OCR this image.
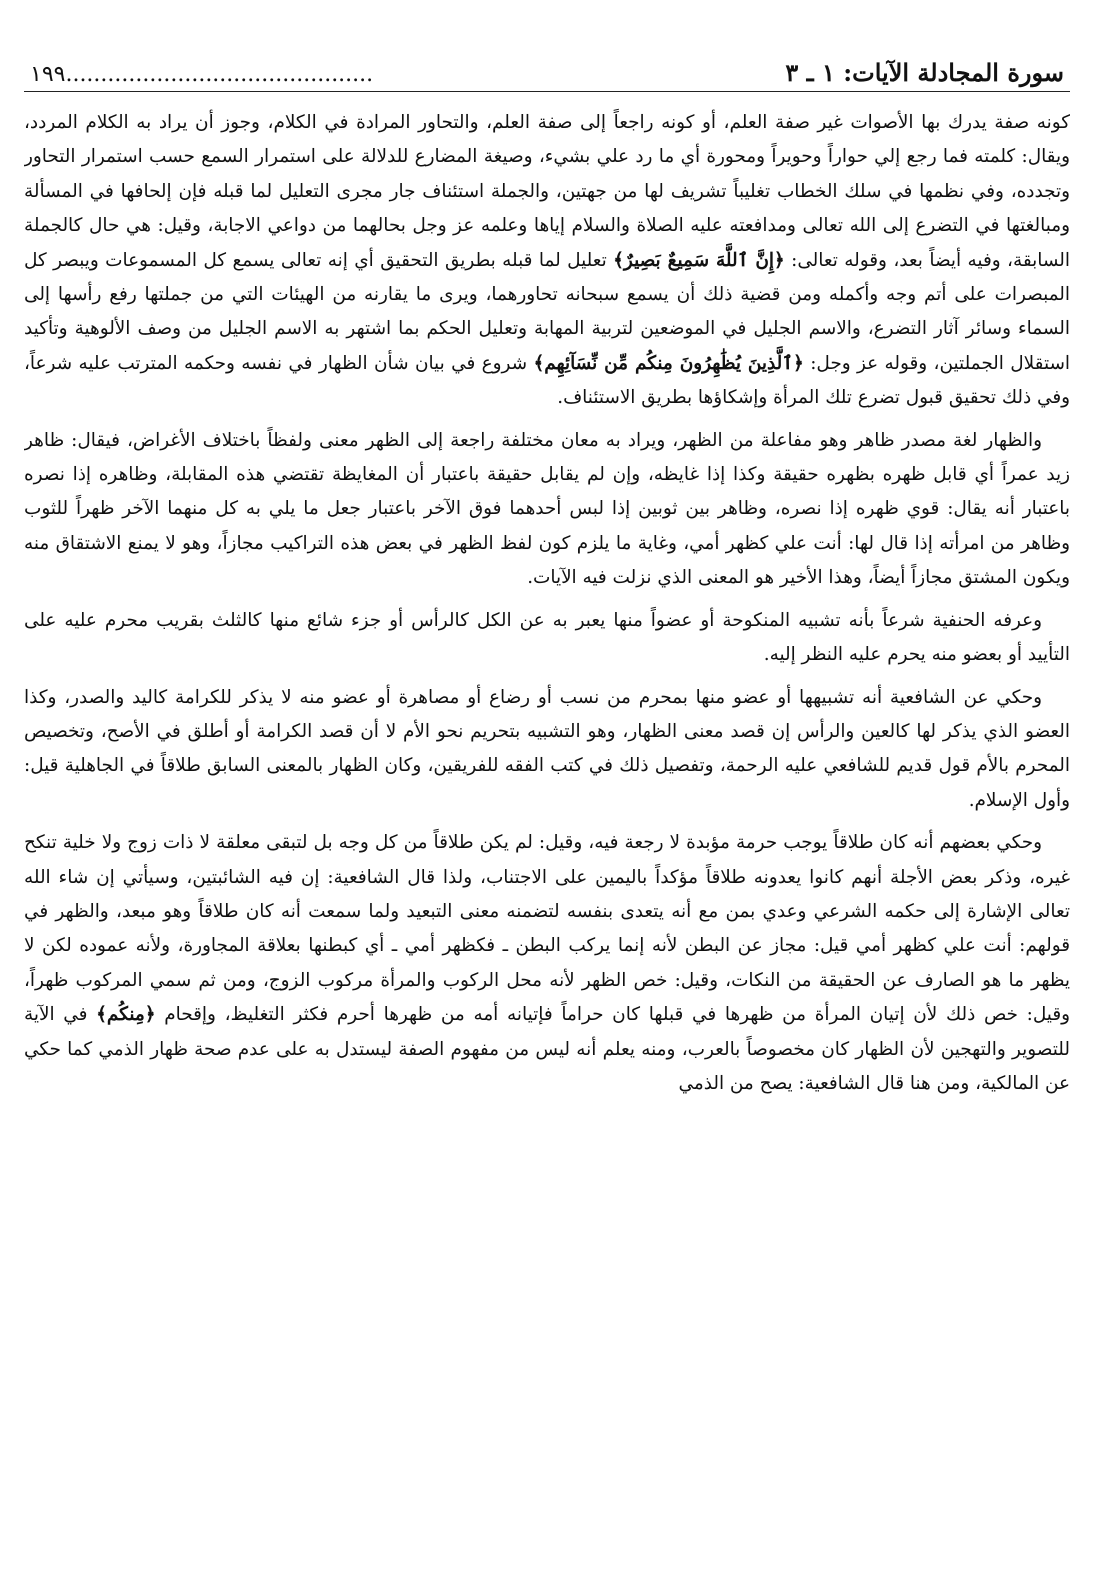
سورة المجادلة الآيات: ١ ـ ٣
١٩٩............................................

كونه صفة يدرك بها الأصوات غير صفة العلم، أو كونه راجعاً إلى صفة العلم، والتحاور المرادة في الكلام، وجوز أن يراد به الكلام المردد، ويقال: كلمته فما رجع إلي حواراً وحويراً ومحورة أي ما رد علي بشيء، وصيغة المضارع للدلالة على استمرار السمع حسب استمرار التحاور وتجدده، وفي نظمها في سلك الخطاب تغليباً تشريف لها من جهتين، والجملة استئناف جار مجرى التعليل لما قبله فإن إلحافها في المسألة ومبالغتها في التضرع إلى الله تعالى ومدافعته عليه الصلاة والسلام إياها وعلمه عز وجل بحالهما من دواعي الاجابة، وقيل: هي حال كالجملة السابقة، وفيه أيضاً بعد، وقوله تعالى: ﴿إِنَّ ٱللَّهَ سَمِيعٌ بَصِيرٌ﴾ تعليل لما قبله بطريق التحقيق أي إنه تعالى يسمع كل المسموعات ويبصر كل المبصرات على أتم وجه وأكمله ومن قضية ذلك أن يسمع سبحانه تحاورهما، ويرى ما يقارنه من الهيئات التي من جملتها رفع رأسها إلى السماء وسائر آثار التضرع، والاسم الجليل في الموضعين لتربية المهابة وتعليل الحكم بما اشتهر به الاسم الجليل من وصف الألوهية وتأكيد استقلال الجملتين، وقوله عز وجل: ﴿ٱلَّذِينَ يُظَٰهِرُونَ مِنكُم مِّن نِّسَآئِهِم﴾ شروع في بيان شأن الظهار في نفسه وحكمه المترتب عليه شرعاً، وفي ذلك تحقيق قبول تضرع تلك المرأة وإشكاؤها بطريق الاستئناف.

والظهار لغة مصدر ظاهر وهو مفاعلة من الظهر، ويراد به معان مختلفة راجعة إلى الظهر معنى ولفظاً باختلاف الأغراض، فيقال: ظاهر زيد عمراً أي قابل ظهره بظهره حقيقة وكذا إذا غايظه، وإن لم يقابل حقيقة باعتبار أن المغايظة تقتضي هذه المقابلة، وظاهره إذا نصره باعتبار أنه يقال: قوي ظهره إذا نصره، وظاهر بين ثوبين إذا لبس أحدهما فوق الآخر باعتبار جعل ما يلي به كل منهما الآخر ظهراً للثوب وظاهر من امرأته إذا قال لها: أنت علي كظهر أمي، وغاية ما يلزم كون لفظ الظهر في بعض هذه التراكيب مجازاً، وهو لا يمنع الاشتقاق منه ويكون المشتق مجازاً أيضاً، وهذا الأخير هو المعنى الذي نزلت فيه الآيات.

وعرفه الحنفية شرعاً بأنه تشبيه المنكوحة أو عضواً منها يعبر به عن الكل كالرأس أو جزء شائع منها كالثلث بقريب محرم عليه على التأييد أو بعضو منه يحرم عليه النظر إليه.

وحكي عن الشافعية أنه تشبيهها أو عضو منها بمحرم من نسب أو رضاع أو مصاهرة أو عضو منه لا يذكر للكرامة كاليد والصدر، وكذا العضو الذي يذكر لها كالعين والرأس إن قصد معنى الظهار، وهو التشبيه بتحريم نحو الأم لا أن قصد الكرامة أو أطلق في الأصح، وتخصيص المحرم بالأم قول قديم للشافعي عليه الرحمة، وتفصيل ذلك في كتب الفقه للفريقين، وكان الظهار بالمعنى السابق طلاقاً في الجاهلية قيل: وأول الإسلام.

وحكي بعضهم أنه كان طلاقاً يوجب حرمة مؤبدة لا رجعة فيه، وقيل: لم يكن طلاقاً من كل وجه بل لتبقى معلقة لا ذات زوج ولا خلية تنكح غيره، وذكر بعض الأجلة أنهم كانوا يعدونه طلاقاً مؤكداً باليمين على الاجتناب، ولذا قال الشافعية: إن فيه الشائبتين، وسيأتي إن شاء الله تعالى الإشارة إلى حكمه الشرعي وعدي بمن مع أنه يتعدى بنفسه لتضمنه معنى التبعيد ولما سمعت أنه كان طلاقاً وهو مبعد، والظهر في قولهم: أنت علي كظهر أمي قيل: مجاز عن البطن لأنه إنما يركب البطن ـ فكظهر أمي ـ أي كبطنها بعلاقة المجاورة، ولأنه عموده لكن لا يظهر ما هو الصارف عن الحقيقة من النكات، وقيل: خص الظهر لأنه محل الركوب والمرأة مركوب الزوج، ومن ثم سمي المركوب ظهراً، وقيل: خص ذلك لأن إتيان المرأة من ظهرها في قبلها كان حراماً فإتيانه أمه من ظهرها أحرم فكثر التغليظ، وإقحام ﴿مِنكُم﴾ في الآية للتصوير والتهجين لأن الظهار كان مخصوصاً بالعرب، ومنه يعلم أنه ليس من مفهوم الصفة ليستدل به على عدم صحة ظهار الذمي كما حكي عن المالكية، ومن هنا قال الشافعية: يصح من الذمي
